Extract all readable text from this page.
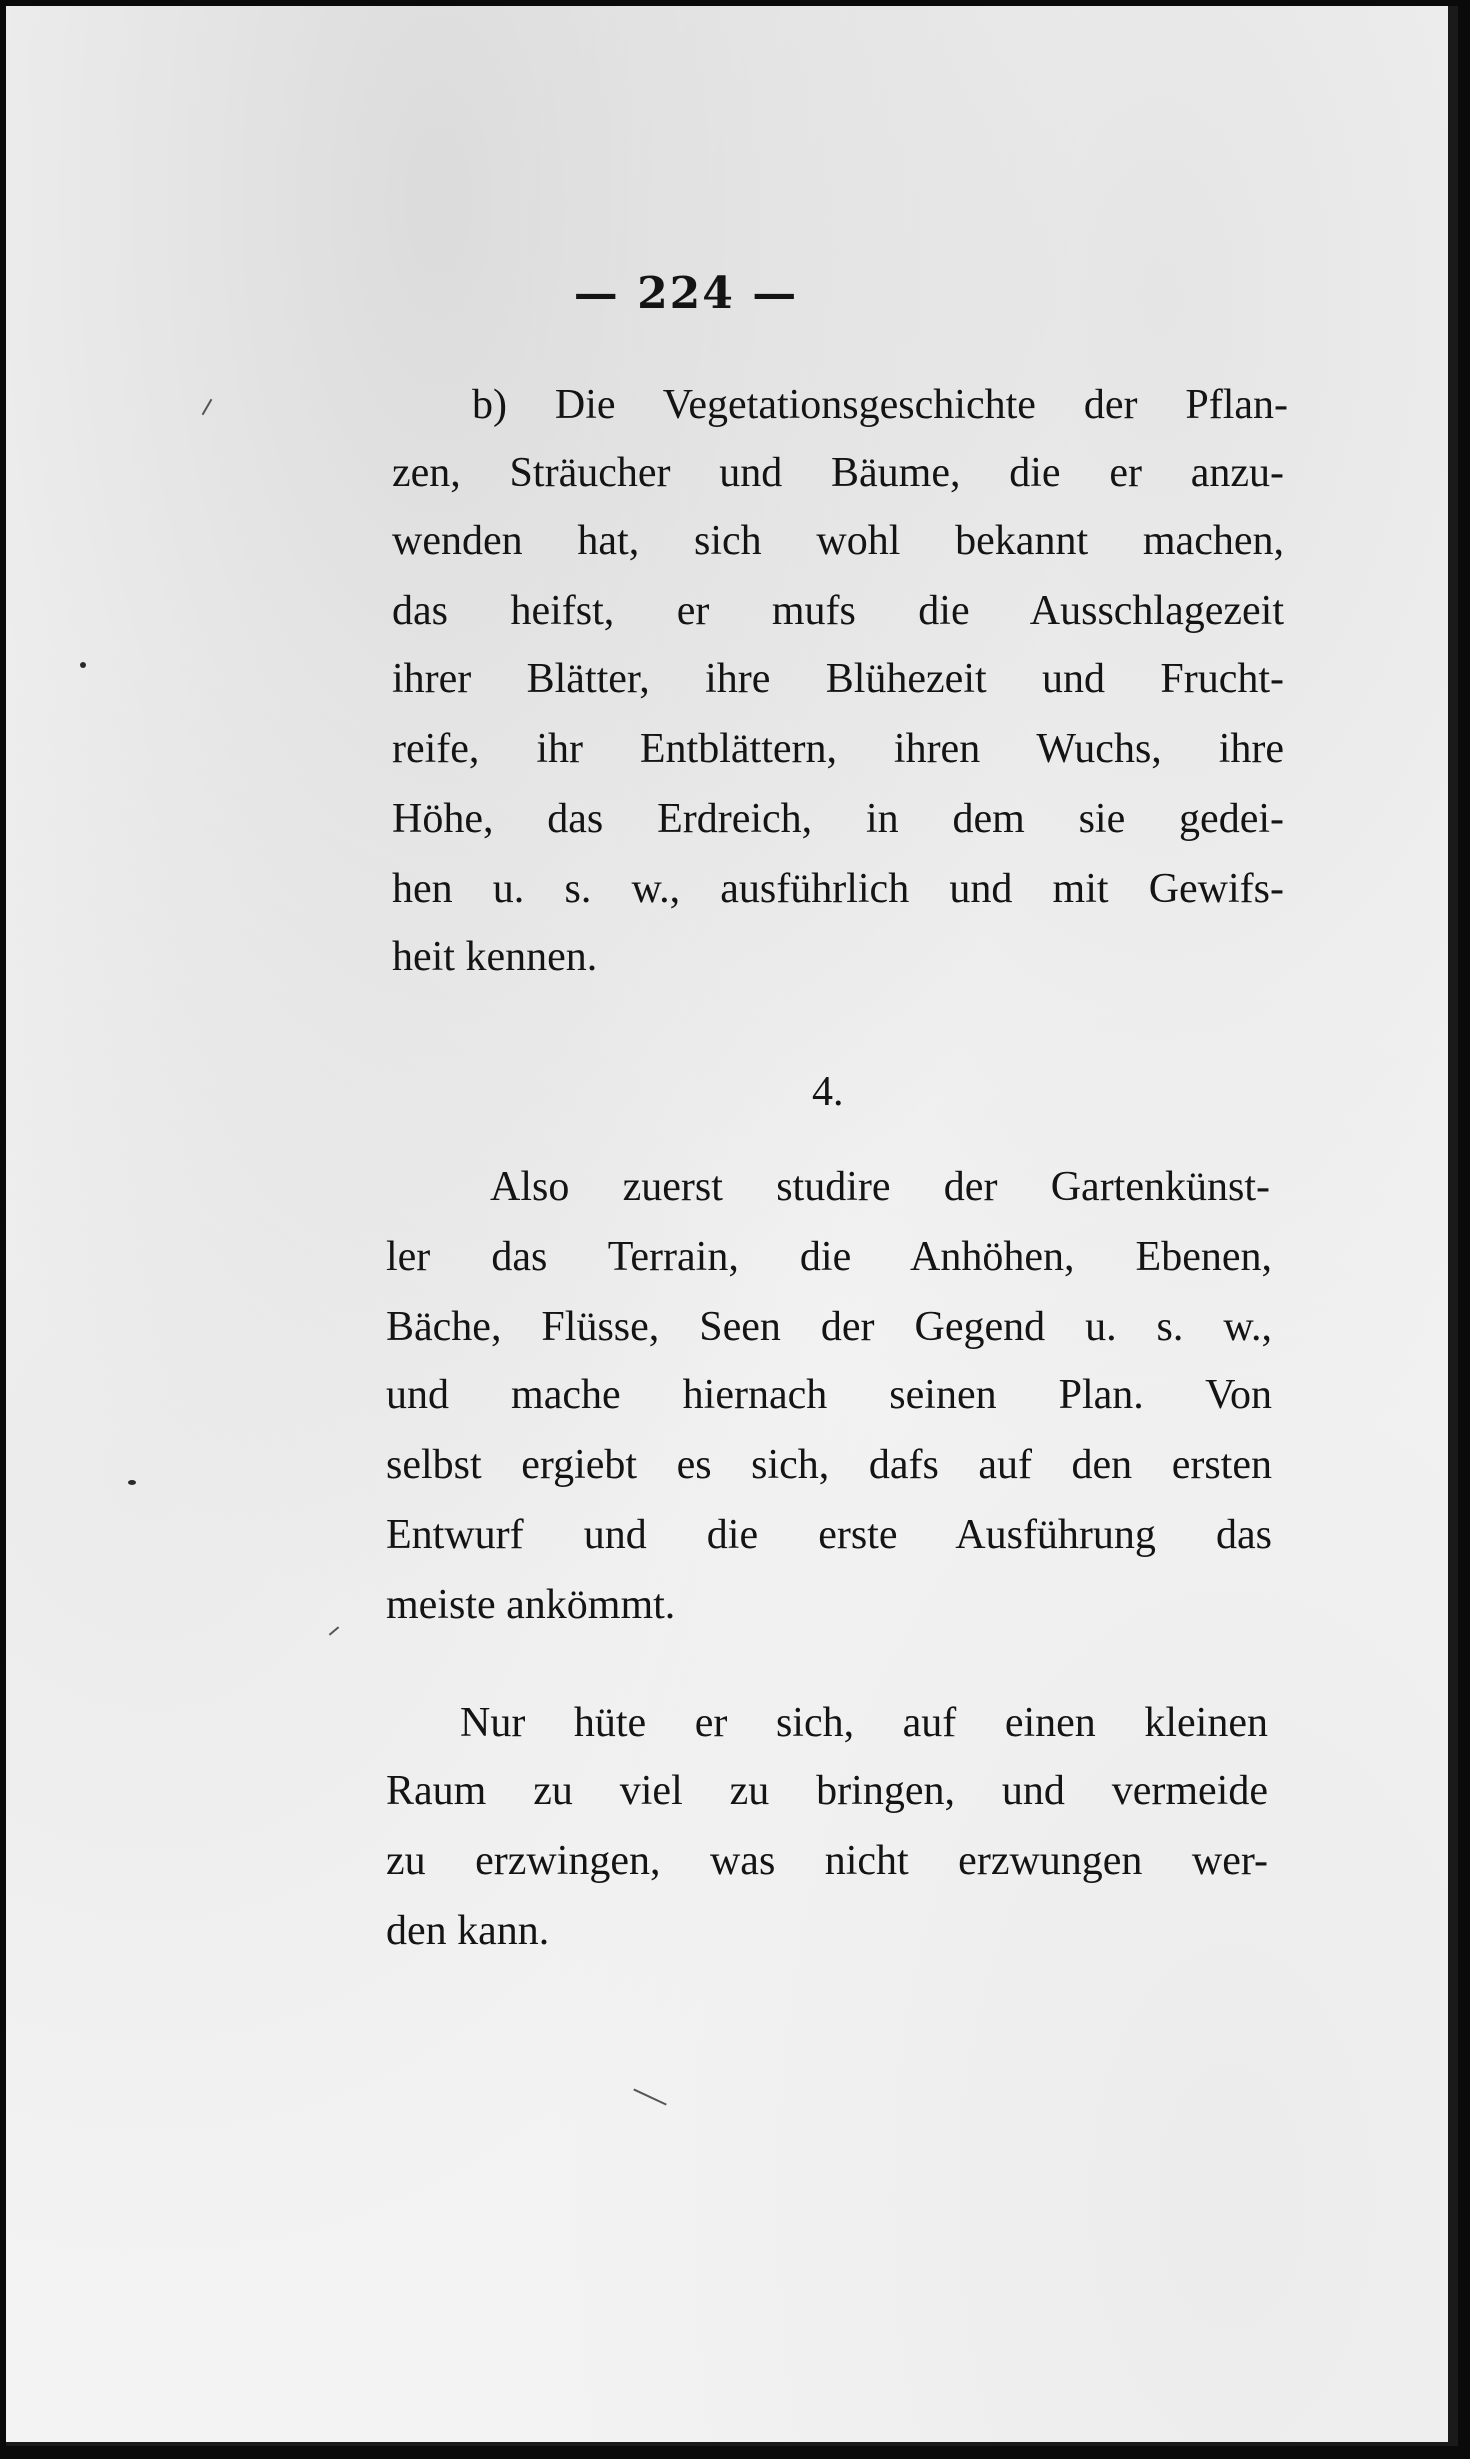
— 224 —
b) Die Vegetationsgeschichte der Pflan-
zen, Sträucher und Bäume, die er anzu-
wenden hat, sich wohl bekannt machen,
das heifst, er mufs die Ausschlagezeit
ihrer Blätter, ihre Blühezeit und Frucht-
reife, ihr Entblättern, ihren Wuchs, ihre
Höhe, das Erdreich, in dem sie gedei-
hen u. s. w., ausführlich und mit Gewifs-
heit kennen.
4.
Also zuerst studire der Gartenkünst-
ler das Terrain, die Anhöhen, Ebenen,
Bäche, Flüsse, Seen der Gegend u. s. w.,
und mache hiernach seinen Plan. Von
selbst ergiebt es sich, dafs auf den ersten
Entwurf und die erste Ausführung das
meiste ankömmt.
Nur hüte er sich, auf einen kleinen
Raum zu viel zu bringen, und vermeide
zu erzwingen, was nicht erzwungen wer-
den kann.
